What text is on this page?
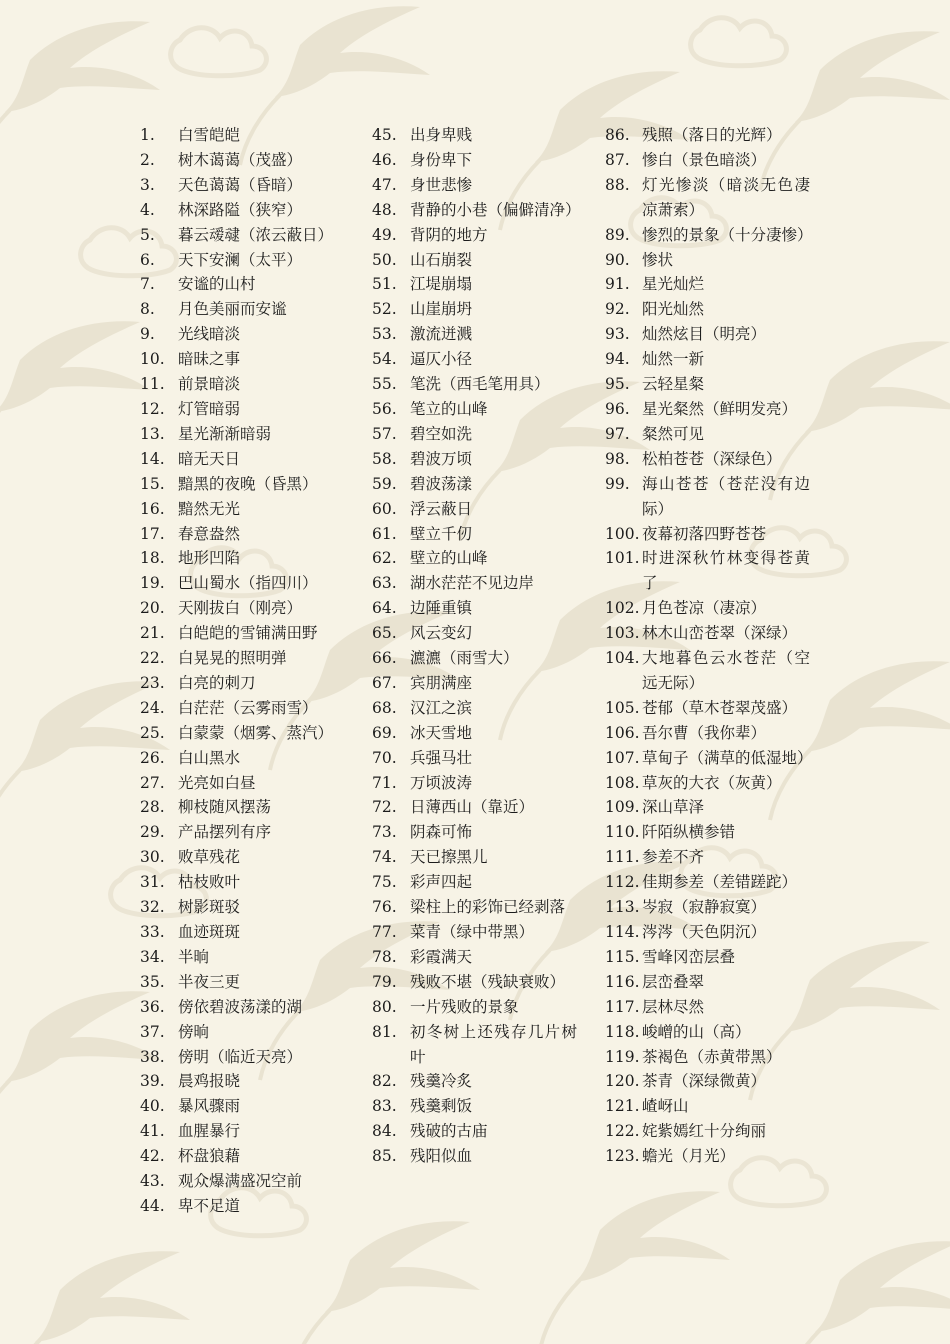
1.	白雪皑皑
2.	树木蔼蔼（茂盛）
3.	天色蔼蔼（昏暗）
4.	林深路隘（狭窄）
5.	暮云叆叇（浓云蔽日）
6.	天下安澜（太平）
7.	安谧的山村
8.	月色美丽而安谧
9.	光线暗淡
10. 暗昧之事
11. 前景暗淡
12. 灯管暗弱
13. 星光渐渐暗弱
14. 暗无天日
15. 黯黑的夜晚（昏黑）
16. 黯然无光
17. 春意盎然
18. 地形凹陷
19. 巴山蜀水（指四川）
20. 天刚拔白（刚亮）
21. 白皑皑的雪铺满田野
22. 白晃晃的照明弹
23. 白亮的刺刀
24. 白茫茫（云雾雨雪）
25. 白蒙蒙（烟雾、蒸汽）
26. 白山黑水
27. 光亮如白昼
28. 柳枝随风摆荡
29. 产品摆列有序
30. 败草残花
31. 枯枝败叶
32. 树影斑驳
33. 血迹斑斑
34. 半晌
35. 半夜三更
36. 傍依碧波荡漾的湖
37. 傍晌
38. 傍明（临近天亮）
39. 晨鸡报晓
40. 暴风骤雨
41. 血腥暴行
42. 杯盘狼藉
43. 观众爆满盛况空前
44. 卑不足道
45. 出身卑贱
46. 身份卑下
47. 身世悲惨
48. 背静的小巷（偏僻清净）
49. 背阴的地方
50. 山石崩裂
51. 江堤崩塌
52. 山崖崩坍
53. 激流迸溅
54. 逼仄小径
55. 笔洗（西毛笔用具）
56. 笔立的山峰
57. 碧空如洗
58. 碧波万顷
59. 碧波荡漾
60. 浮云蔽日
61. 壁立千仞
62. 壁立的山峰
63. 湖水茫茫不见边岸
64. 边陲重镇
65. 风云变幻
66. 瀌瀌（雨雪大）
67. 宾朋满座
68. 汉江之滨
69. 冰天雪地
70. 兵强马壮
71. 万顷波涛
72. 日薄西山（靠近）
73. 阴森可怖
74. 天已擦黑儿
75. 彩声四起
76. 梁柱上的彩饰已经剥落
77. 菜青（绿中带黑）
78. 彩霞满天
79. 残败不堪（残缺衰败）
80. 一片残败的景象
81. 初冬树上还残存几片树叶
82. 残羹冷炙
83. 残羹剩饭
84. 残破的古庙
85. 残阳似血
86. 残照（落日的光辉）
87. 惨白（景色暗淡）
88. 灯光惨淡（暗淡无色凄凉萧索）
89. 惨烈的景象（十分凄惨）
90. 惨状
91. 星光灿烂
92. 阳光灿然
93. 灿然炫目（明亮）
94. 灿然一新
95. 云轻星粲
96. 星光粲然（鲜明发亮）
97. 粲然可见
98. 松柏苍苍（深绿色）
99. 海山苍苍（苍茫没有边际）
100. 夜幕初落四野苍苍
101. 时进深秋竹林变得苍黄了
102. 月色苍凉（凄凉）
103. 林木山峦苍翠（深绿）
104. 大地暮色云水苍茫（空远无际）
105. 苍郁（草木苍翠茂盛）
106. 吾尔曹（我你辈）
107. 草甸子（满草的低湿地）
108. 草灰的大衣（灰黄）
109. 深山草泽
110. 阡陌纵横参错
111. 参差不齐
112. 佳期参差（差错蹉跎）
113. 岑寂（寂静寂寞）
114. 涔涔（天色阴沉）
115. 雪峰冈峦层叠
116. 层峦叠翠
117. 层林尽然
118. 峻嶒的山（高）
119. 茶褐色（赤黄带黑）
120. 茶青（深绿微黄）
121. 嵖岈山
122. 姹紫嫣红十分绚丽
123. 蟾光（月光）
